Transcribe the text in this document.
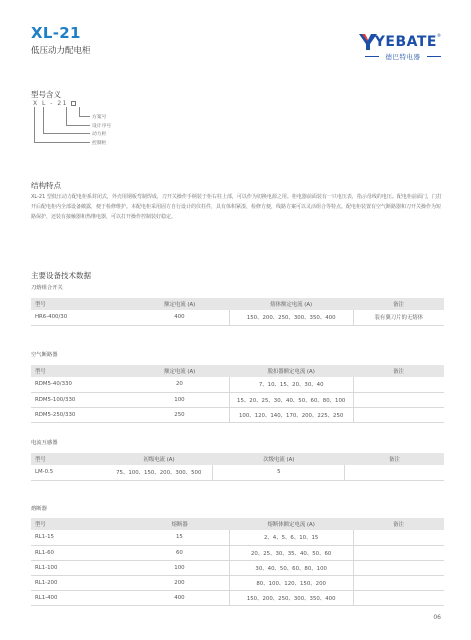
XL-21
低压动力配电柜
YEBATE ®
德巴特电器
型号含义
X L - 21
方案号
设计序号
动力柜
控制柜
结构特点
XL-21 型低压动力配电柜系封闭式，外壳用钢板弯制焊成，刀开关操作手柄装于柜右柱上部，可以作为切换电源之用。柜电器前面装有一只电压表，指示母线的电压。配电柜前面门，门打开后配电柜内全部设备敞露，便于检修维护。本配电柜采用固方自行设计的仪柱件，具有体积紧凑，检修方便，线路方案可以灵活组合等特点。配电柜装置有空气断路器和刀开关操作为短路保护，还装有接触器和热继电器，可以打开操作控制装好稳定。
主要设备技术数据
刀熔组合开关
型号	额定电流 (A)	熔体额定电流 (A)	备注
HR6-400/30	400	150、200、250、300、350、400	装有翼刀片的无熔体
空气断路器
型号	额定电流 (A)	脱扣器额定电流 (A)	备注
RDM5-40/330	20	7、10、15、20、30、40	
RDM5-100/330	100	15、20、25、30、40、50、60、80、100	
RDM5-250/330	250	100、120、140、170、200、225、250	
电流互感器
型号	初级电流 (A)	次级电流 (A)	备注
LM-0.5	75、100、150、200、300、500	5	
熔断器
型号	熔断器	熔断体额定电流 (A)	备注
RL1-15	15	2、4、5、6、10、15	
RL1-60	60	20、25、30、35、40、50、60	
RL1-100	100	30、40、50、60、80、100	
RL1-200	200	80、100、120、150、200	
RL1-400	400	150、200、250、300、350、400	
06
